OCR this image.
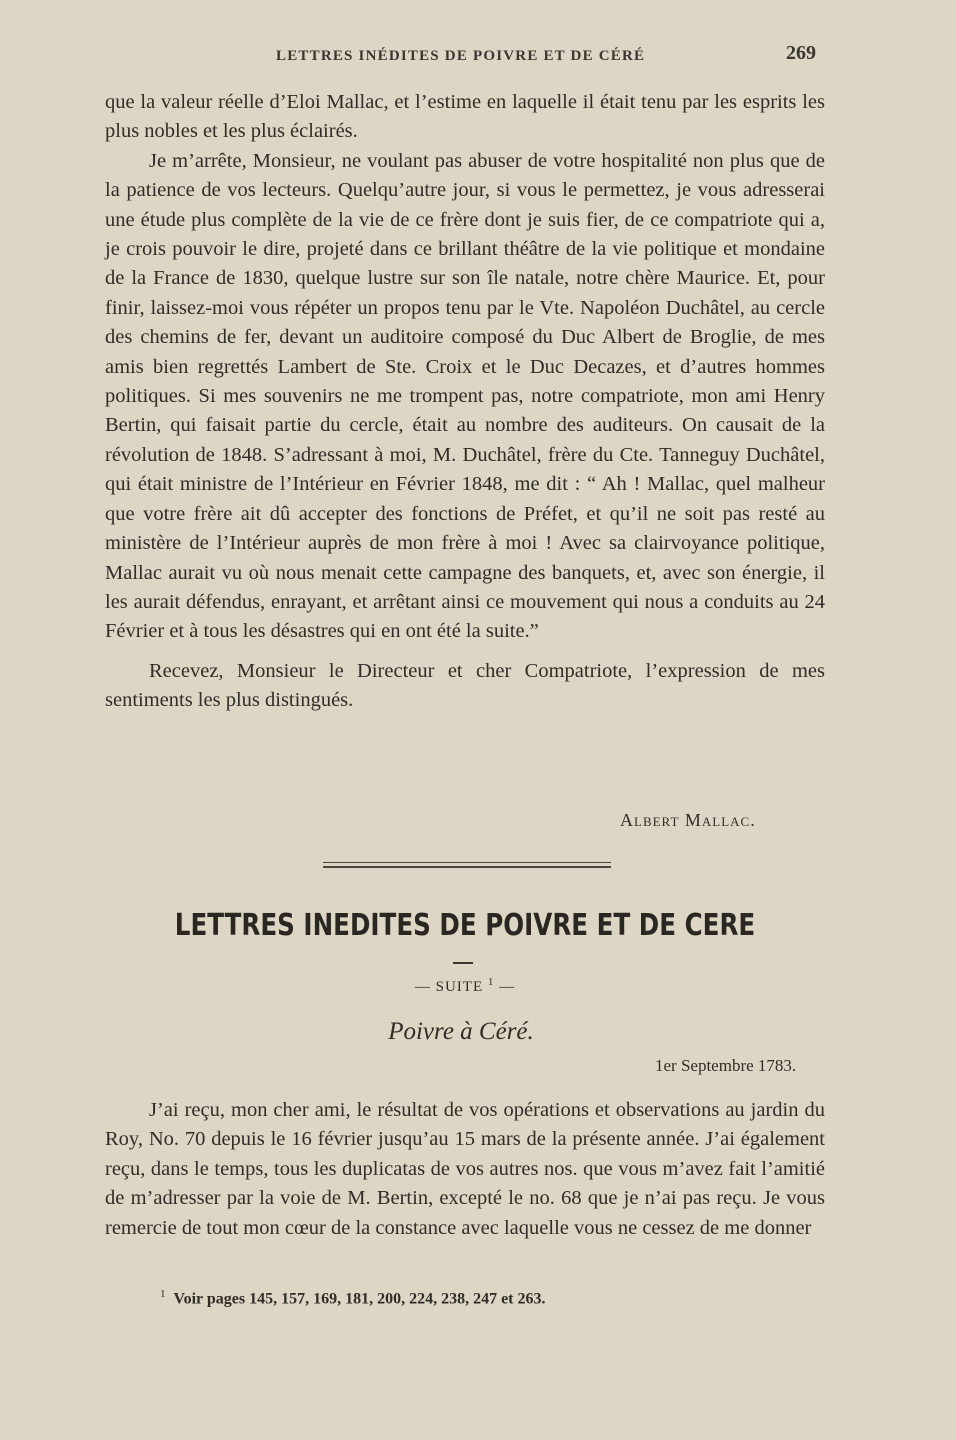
LETTRES INÉDITES DE POIVRE ET DE CÉRÉ	269

que la valeur réelle d’Eloi Mallac, et l’estime en laquelle il était tenu par les esprits les plus nobles et les plus éclairés.

Je m’arrête, Monsieur, ne voulant pas abuser de votre hospitalité non plus que de la patience de vos lecteurs. Quelqu’autre jour, si vous le permettez, je vous adresserai une étude plus complète de la vie de ce frère dont je suis fier, de ce compatriote qui a, je crois pouvoir le dire, projeté dans ce brillant théâtre de la vie politique et mondaine de la France de 1830, quelque lustre sur son île natale, notre chère Maurice. Et, pour finir, laissez-moi vous répéter un propos tenu par le Vte. Napoléon Duchâtel, au cercle des chemins de fer, devant un auditoire composé du Duc Albert de Broglie, de mes amis bien regrettés Lambert de Ste. Croix et le Duc Decazes, et d’autres hommes politiques. Si mes souvenirs ne me trompent pas, notre compatriote, mon ami Henry Bertin, qui faisait partie du cercle, était au nombre des auditeurs. On causait de la révolution de 1848. S’adressant à moi, M. Duchâtel, frère du Cte. Tanneguy Duchâtel, qui était ministre de l’Intérieur en Février 1848, me dit : “ Ah ! Mallac, quel malheur que votre frère ait dû accepter des fonctions de Préfet, et qu’il ne soit pas resté au ministère de l’Intérieur auprès de mon frère à moi ! Avec sa clairvoyance politique, Mallac aurait vu où nous menait cette campagne des banquets, et, avec son énergie, il les aurait défendus, enrayant, et arrêtant ainsi ce mouvement qui nous a conduits au 24 Février et à tous les désastres qui en ont été la suite.”

Recevez, Monsieur le Directeur et cher Compatriote, l’expression de mes sentiments les plus distingués.

Albert Mallac.
LETTRES INEDITES DE POIVRE ET DE CERE
— SUITE $^1$ —
Poivre à Céré.
1er Septembre 1783.

J’ai reçu, mon cher ami, le résultat de vos opérations et observations au jardin du Roy, No. 70 depuis le 16 février jusqu’au 15 mars de la présente année. J’ai également reçu, dans le temps, tous les duplicatas de vos autres nos. que vous m’avez fait l’amitié de m’adresser par la voie de M. Bertin, excepté le no. 68 que je n’ai pas reçu. Je vous remercie de tout mon cœur de la constance avec laquelle vous ne cessez de me donner

$^1$ Voir pages 145, 157, 169, 181, 200, 224, 238, 247 et 263.
